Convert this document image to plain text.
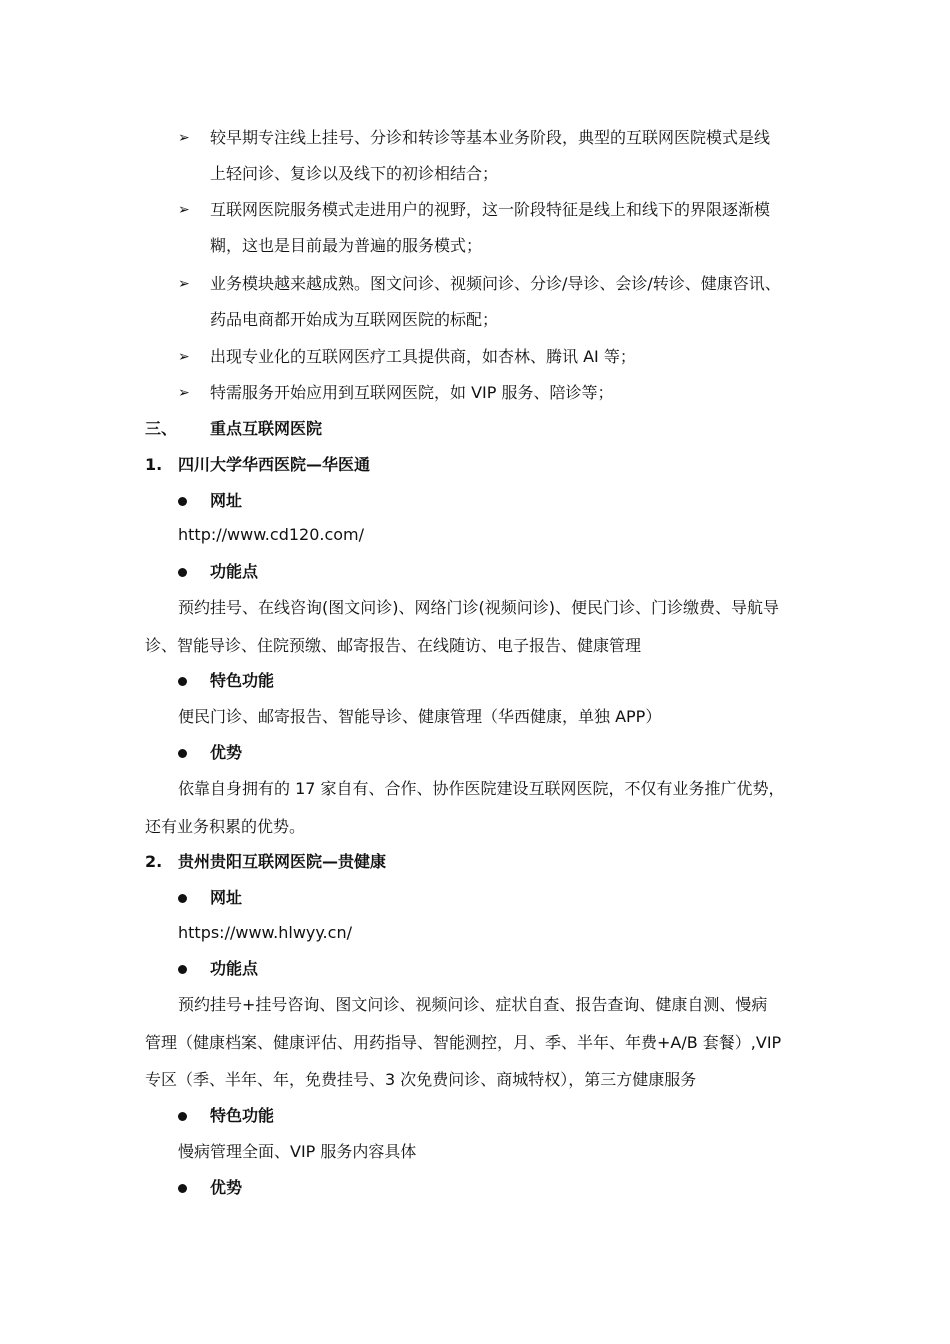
➢ 较早期专注线上挂号、分诊和转诊等基本业务阶段，典型的互联网医院模式是线
上轻问诊、复诊以及线下的初诊相结合；
➢ 互联网医院服务模式走进用户的视野，这一阶段特征是线上和线下的界限逐渐模
糊，这也是目前最为普遍的服务模式；
➢ 业务模块越来越成熟。图文问诊、视频问诊、分诊/导诊、会诊/转诊、健康咨讯、
药品电商都开始成为互联网医院的标配；
➢ 出现专业化的互联网医疗工具提供商，如杏林、腾讯 AI 等；
➢ 特需服务开始应用到互联网医院，如 VIP 服务、陪诊等；
三、 重点互联网医院
1. 四川大学华西医院—华医通
网址
http://www.cd120.com/
功能点
预约挂号、在线咨询(图文问诊)、网络门诊(视频问诊)、便民门诊、门诊缴费、导航导
诊、智能导诊、住院预缴、邮寄报告、在线随访、电子报告、健康管理
特色功能
便民门诊、邮寄报告、智能导诊、健康管理（华西健康，单独 APP）
优势
依靠自身拥有的 17 家自有、合作、协作医院建设互联网医院，不仅有业务推广优势，
还有业务积累的优势。
2. 贵州贵阳互联网医院—贵健康
网址
https://www.hlwyy.cn/
功能点
预约挂号+挂号咨询、图文问诊、视频问诊、症状自查、报告查询、健康自测、慢病
管理（健康档案、健康评估、用药指导、智能测控，月、季、半年、年费+A/B 套餐）,VIP
专区（季、半年、年，免费挂号、3 次免费问诊、商城特权），第三方健康服务
特色功能
慢病管理全面、VIP 服务内容具体
优势
